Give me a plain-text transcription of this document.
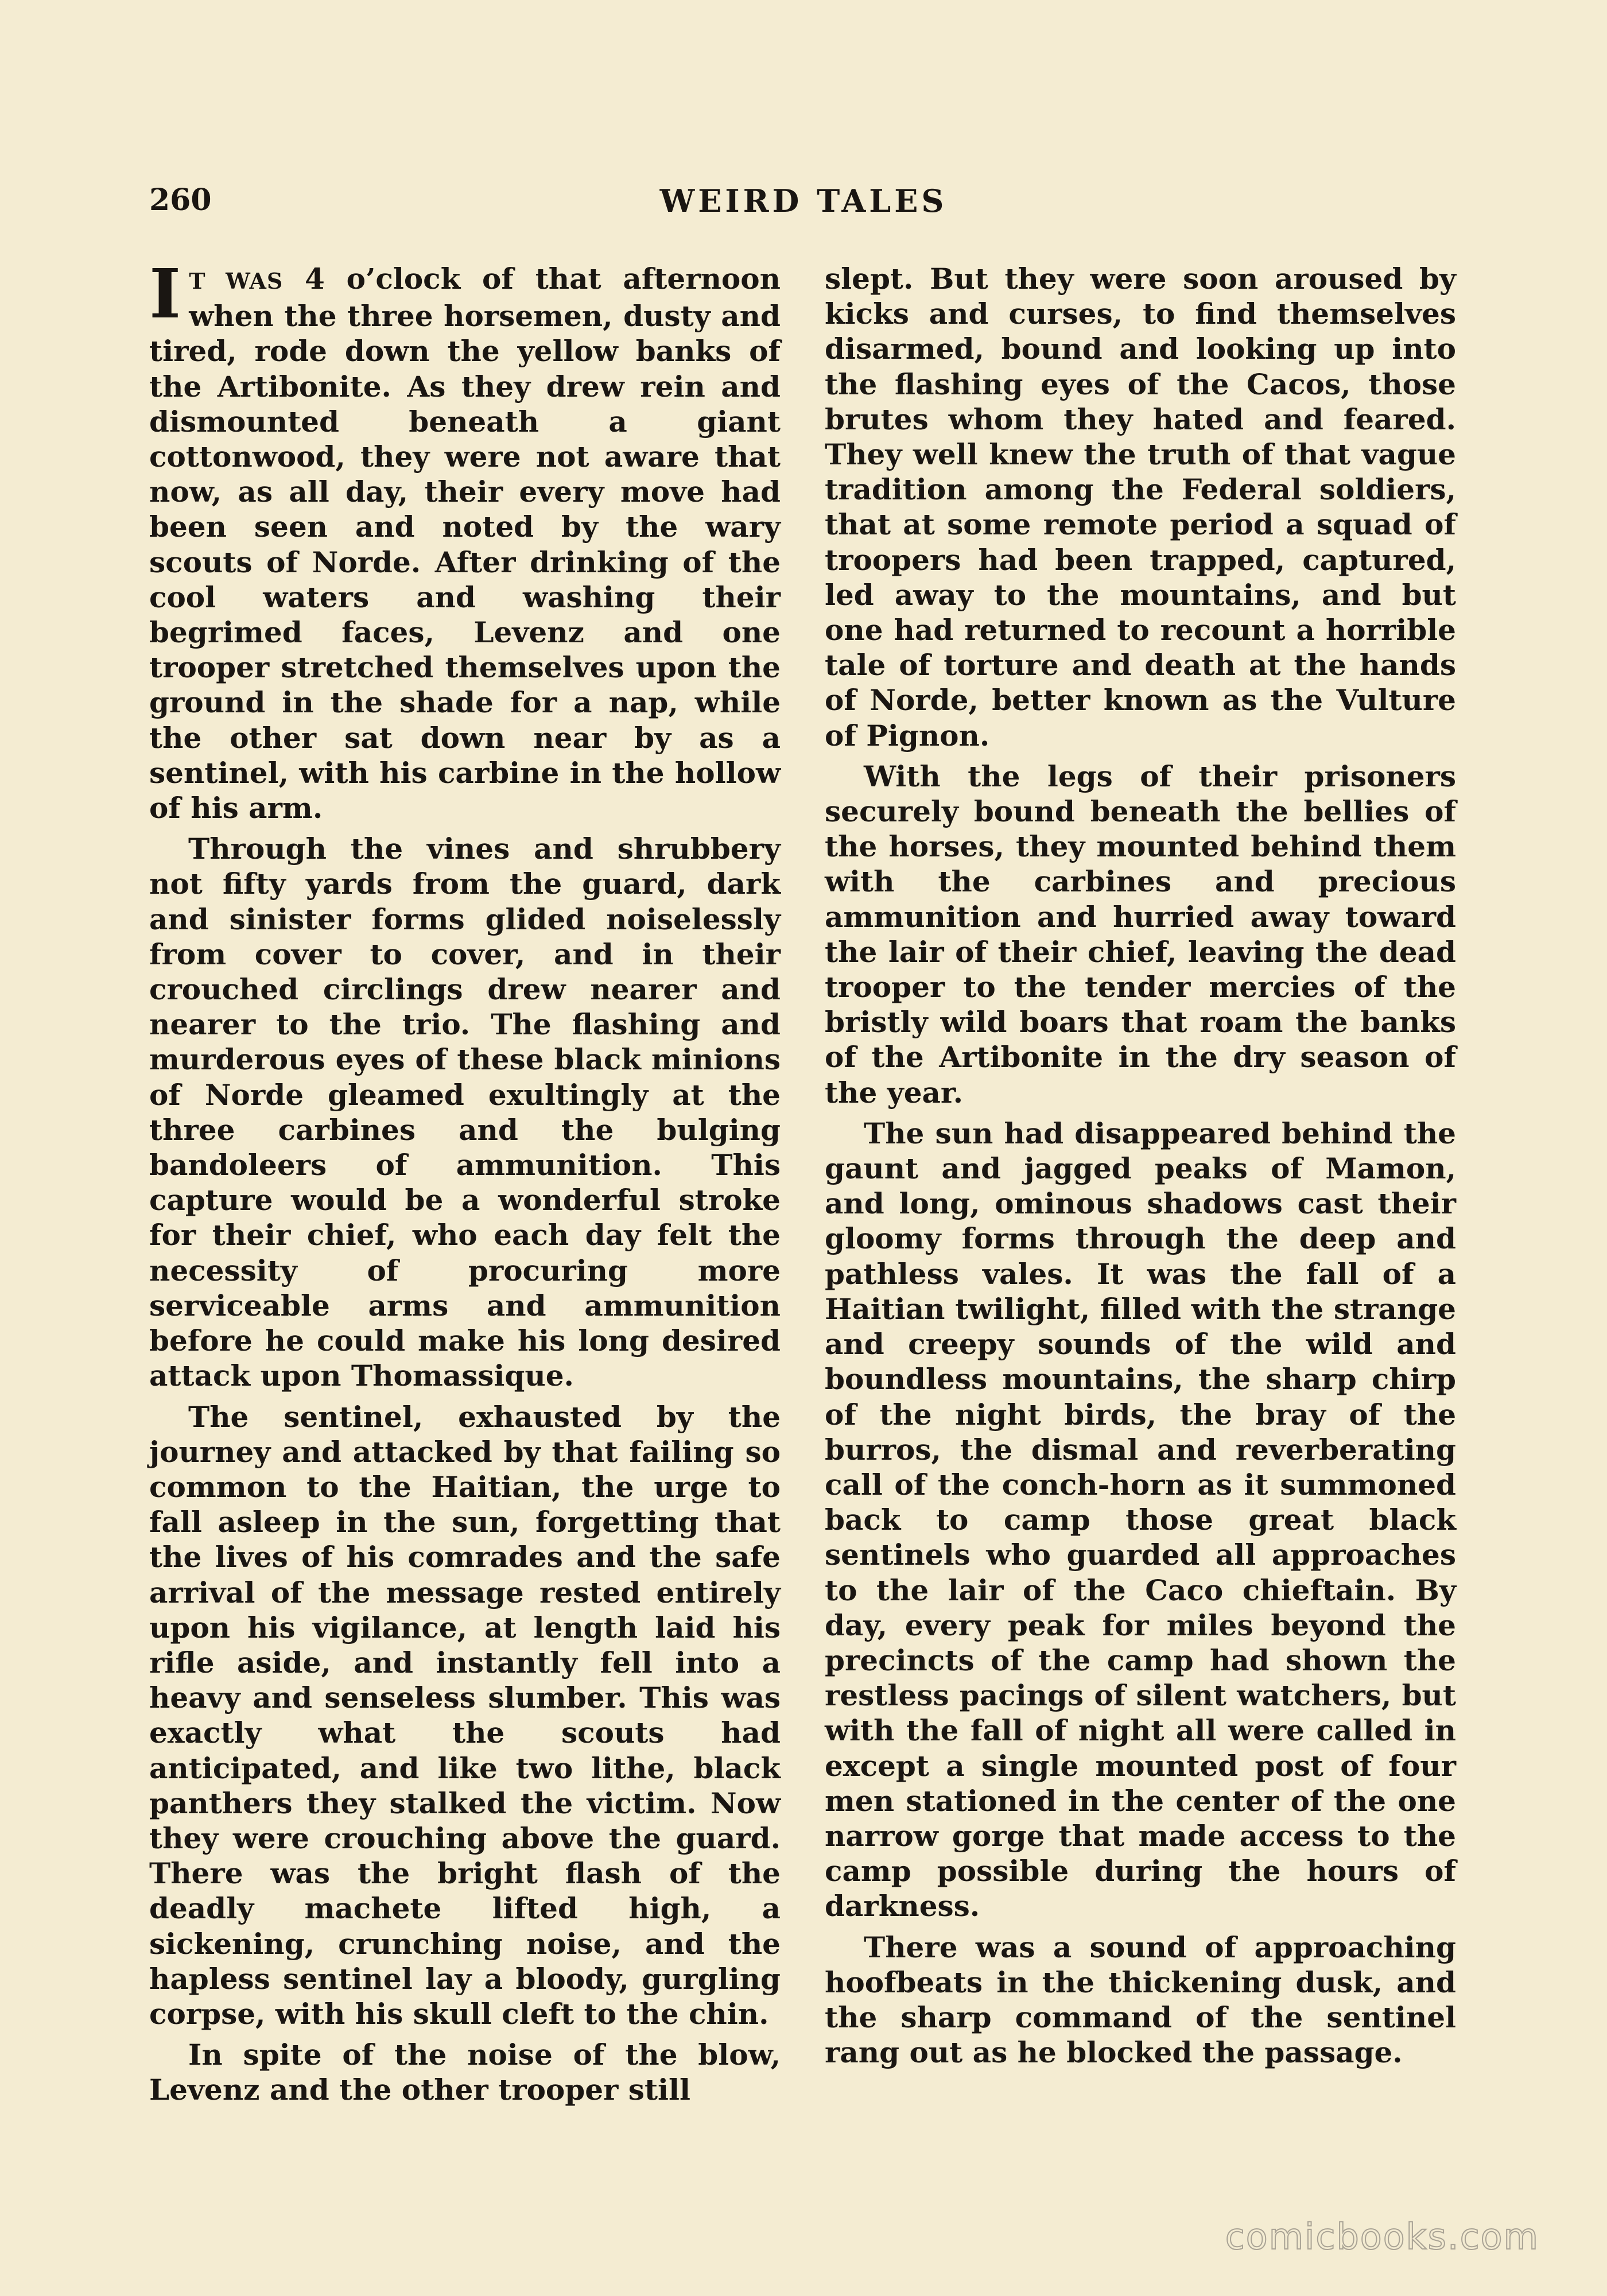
260	WEIRD TALES

I T WAS 4 o’clock of that afternoon when the three horsemen, dusty and tired, rode down the yellow banks of the Artibonite. As they drew rein and dismounted beneath a giant cottonwood, they were not aware that now, as all day, their every move had been seen and noted by the wary scouts of Norde. After drinking of the cool waters and washing their begrimed faces, Levenz and one trooper stretched themselves upon the ground in the shade for a nap, while the other sat down near by as a sentinel, with his carbine in the hollow of his arm.

Through the vines and shrubbery not fifty yards from the guard, dark and sinister forms glided noiselessly from cover to cover, and in their crouched circlings drew nearer and nearer to the trio. The flashing and murderous eyes of these black minions of Norde gleamed exultingly at the three carbines and the bulging bandoleers of ammunition. This capture would be a wonderful stroke for their chief, who each day felt the necessity of procuring more serviceable arms and ammunition before he could make his long desired attack upon Thomassique.

The sentinel, exhausted by the journey and attacked by that failing so common to the Haitian, the urge to fall asleep in the sun, forgetting that the lives of his comrades and the safe arrival of the message rested entirely upon his vigilance, at length laid his rifle aside, and instantly fell into a heavy and senseless slumber. This was exactly what the scouts had anticipated, and like two lithe, black panthers they stalked the victim. Now they were crouching above the guard. There was the bright flash of the deadly machete lifted high, a sickening, crunching noise, and the hapless sentinel lay a bloody, gurgling corpse, with his skull cleft to the chin.

In spite of the noise of the blow, Levenz and the other trooper still

slept. But they were soon aroused by kicks and curses, to find themselves disarmed, bound and looking up into the flashing eyes of the Cacos, those brutes whom they hated and feared. They well knew the truth of that vague tradition among the Federal soldiers, that at some remote period a squad of troopers had been trapped, captured, led away to the mountains, and but one had returned to recount a horrible tale of torture and death at the hands of Norde, better known as the Vulture of Pignon.

With the legs of their prisoners securely bound beneath the bellies of the horses, they mounted behind them with the carbines and precious ammunition and hurried away toward the lair of their chief, leaving the dead trooper to the tender mercies of the bristly wild boars that roam the banks of the Artibonite in the dry season of the year.

The sun had disappeared behind the gaunt and jagged peaks of Mamon, and long, ominous shadows cast their gloomy forms through the deep and pathless vales. It was the fall of a Haitian twilight, filled with the strange and creepy sounds of the wild and boundless mountains, the sharp chirp of the night birds, the bray of the burros, the dismal and reverberating call of the conch-horn as it summoned back to camp those great black sentinels who guarded all approaches to the lair of the Caco chieftain. By day, every peak for miles beyond the precincts of the camp had shown the restless pacings of silent watchers, but with the fall of night all were called in except a single mounted post of four men stationed in the center of the one narrow gorge that made access to the camp possible during the hours of darkness.

There was a sound of approaching hoofbeats in the thickening dusk, and the sharp command of the sentinel rang out as he blocked the passage.

comicbooks.com
